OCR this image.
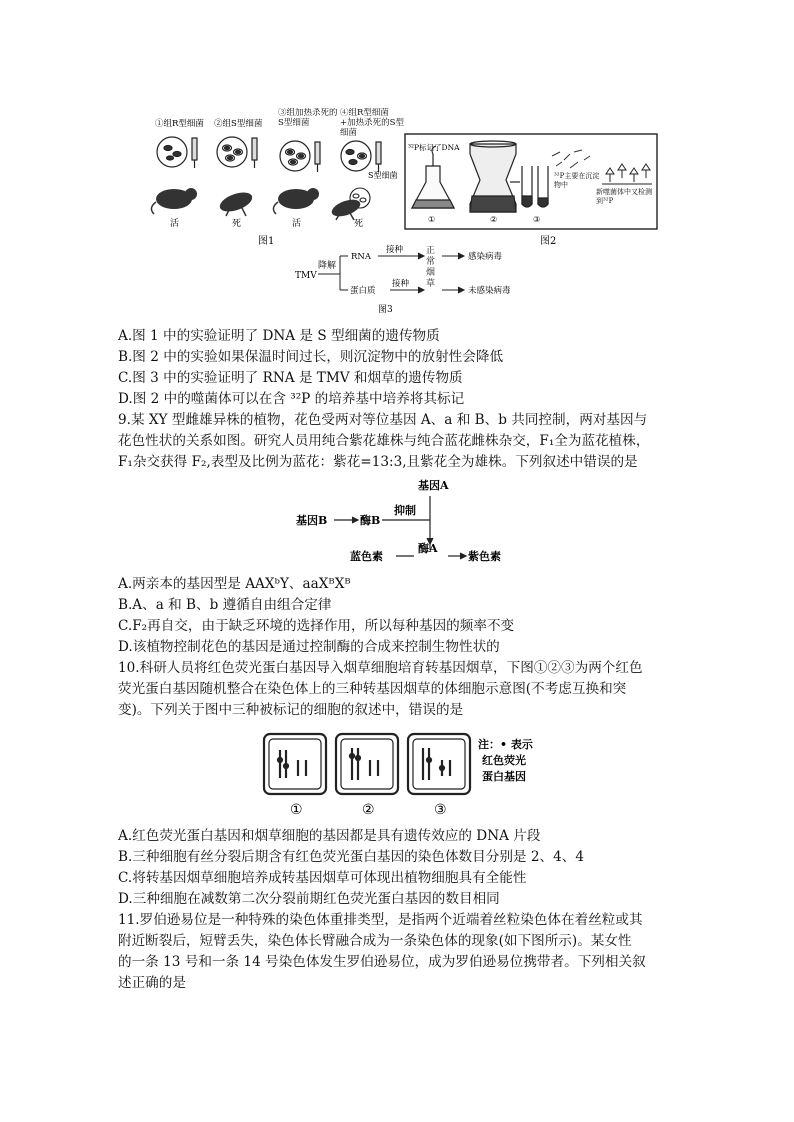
①组R型细菌 ②组S型细菌
③组加热杀死的S型细菌
④组R型细菌+加热杀死的S型细菌
S型细菌
活	死	活	死
图1
³²P标记了DNA
①	②	③
³²P主要在沉淀物中
新噬菌体中又检测到³²P
图2
TMV
降解
RNA
蛋白质
接种
接种
正常烟草
感染病毒
未感染病毒
图3
A.图 1 中的实验证明了 DNA 是 S 型细菌的遗传物质
B.图 2 中的实验如果保温时间过长，则沉淀物中的放射性会降低
C.图 3 中的实验证明了 RNA 是 TMV 和烟草的遗传物质
D.图 2 中的噬菌体可以在含 ³²P 的培养基中培养将其标记
9.某 XY 型雌雄异株的植物，花色受两对等位基因 A、a 和 B、b 共同控制，两对基因与
花色性状的关系如图。研究人员用纯合紫花雄株与纯合蓝花雌株杂交，F₁全为蓝花植株，
F₁杂交获得 F₂,表型及比例为蓝花：紫花=13:3,且紫花全为雄株。下列叙述中错误的是
基因A
基因B	酶B
抑制
蓝色素
酶A
紫色素
A.两亲本的基因型是 AAXᵇY、aaXᴮXᴮ
B.A、a 和 B、b 遵循自由组合定律
C.F₂再自交，由于缺乏环境的选择作用，所以每种基因的频率不变
D.该植物控制花色的基因是通过控制酶的合成来控制生物性状的
10.科研人员将红色荧光蛋白基因导入烟草细胞培育转基因烟草，下图①②③为两个红色
荧光蛋白基因随机整合在染色体上的三种转基因烟草的体细胞示意图(不考虑互换和突
变)。下列关于图中三种被标记的细胞的叙述中，错误的是
①	②	③
注：• 表示
红色荧光
蛋白基因
A.红色荧光蛋白基因和烟草细胞的基因都是具有遗传效应的 DNA 片段
B.三种细胞有丝分裂后期含有红色荧光蛋白基因的染色体数目分别是 2、4、4
C.将转基因烟草细胞培养成转基因烟草可体现出植物细胞具有全能性
D.三种细胞在减数第二次分裂前期红色荧光蛋白基因的数目相同
11.罗伯逊易位是一种特殊的染色体重排类型，是指两个近端着丝粒染色体在着丝粒或其
附近断裂后，短臂丢失，染色体长臂融合成为一条染色体的现象(如下图所示)。某女性
的一条 13 号和一条 14 号染色体发生罗伯逊易位，成为罗伯逊易位携带者。下列相关叙
述正确的是
